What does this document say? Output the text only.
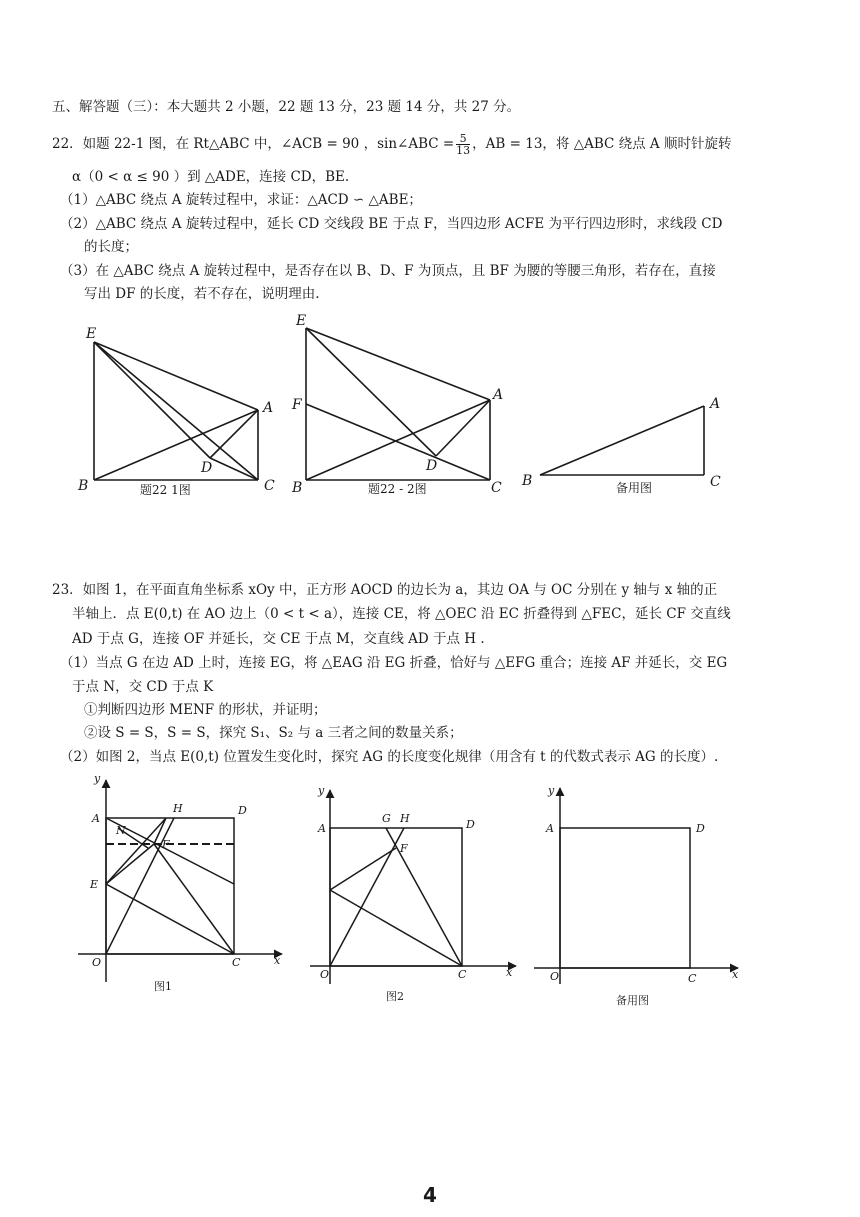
五、解答题（三）：本大题共 2 小题，22 题 13 分，23 题 14 分，共 27 分。
22．如题 22-1 图，在 Rt△ABC 中，∠ACB = 90 ，sin∠ABC = $\frac{5}{13}$ ，AB = 13，将 △ABC 绕点 A 顺时针旋转
α（0 < α ≤ 90 ）到 △ADE，连接 CD，BE.
（1）△ABC 绕点 A 旋转过程中，求证：△ACD ∽ △ABE；
（2）△ABC 绕点 A 旋转过程中，延长 CD 交线段 BE 于点 F，当四边形 ACFE 为平行四边形时，求线段 CD
的长度；
（3）在 △ABC 绕点 A 旋转过程中，是否存在以 B、D、F 为顶点，且 BF 为腰的等腰三角形，若存在，直接
写出 DF 的长度，若不存在，说明理由.
E
A
D
B	C
题22 1图
E
F
A
D
B	C
题22 - 2图
A
B	C
备用图
23．如图 1，在平面直角坐标系 xOy 中，正方形 AOCD 的边长为 a，其边 OA 与 OC 分别在 y 轴与 x 轴的正
半轴上．点 E(0,t) 在 AO 边上（0 < t < a），连接 CE，将 △OEC 沿 EC 折叠得到 △FEC，延长 CF 交直线
AD 于点 G，连接 OF 并延长，交 CE 于点 M，交直线 AD 于点 H .
（1）当点 G 在边 AD 上时，连接 EG，将 △EAG 沿 EG 折叠，恰好与 △EFG 重合；连接 AF 并延长，交 EG
于点 N，交 CD 于点 K
①判断四边形 MENF 的形状，并证明；
②设 S = S，S = S，探究 S₁、S₂ 与 a 三者之间的数量关系；
（2）如图 2，当点 E(0,t) 位置发生变化时，探究 AG 的长度变化规律（用含有 t 的代数式表示 AG 的长度）.
y
A
N
H	D
F
E
O	C	x
图1
y
A
G H	D
F
O	C	x
图2
y
A	D
O	C	x
备用图
4
